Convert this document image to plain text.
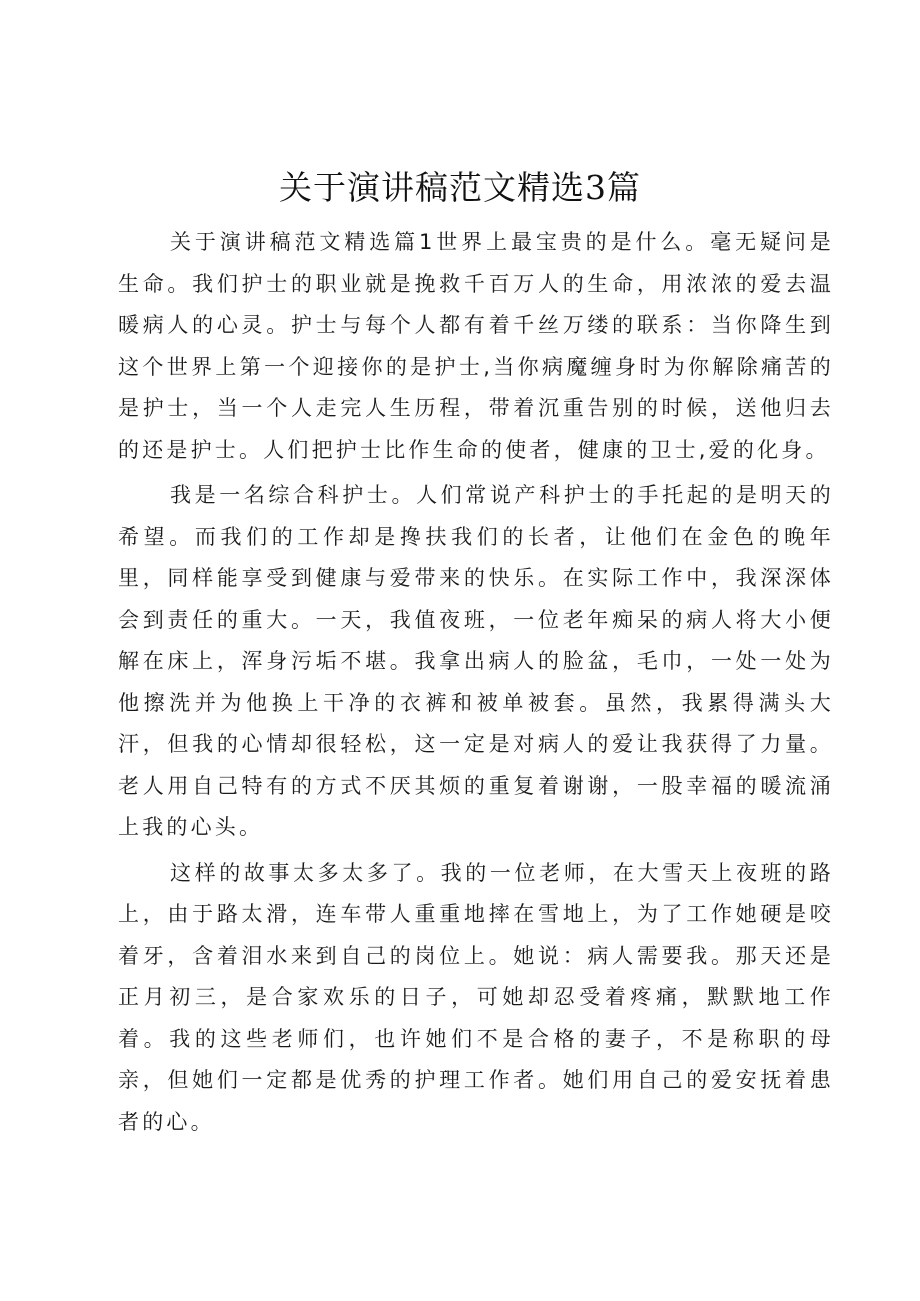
关于演讲稿范文精选3篇

关于演讲稿范文精选篇1世界上最宝贵的是什么。毫无疑问是生命。我们护士的职业就是挽救千百万人的生命，用浓浓的爱去温暖病人的心灵。护士与每个人都有着千丝万缕的联系：当你降生到这个世界上第一个迎接你的是护士,当你病魔缠身时为你解除痛苦的是护士，当一个人走完人生历程，带着沉重告别的时候，送他归去的还是护士。人们把护士比作生命的使者，健康的卫士,爱的化身。

我是一名综合科护士。人们常说产科护士的手托起的是明天的希望。而我们的工作却是搀扶我们的长者，让他们在金色的晚年里，同样能享受到健康与爱带来的快乐。在实际工作中，我深深体会到责任的重大。一天，我值夜班，一位老年痴呆的病人将大小便解在床上，浑身污垢不堪。我拿出病人的脸盆，毛巾，一处一处为他擦洗并为他换上干净的衣裤和被单被套。虽然，我累得满头大汗，但我的心情却很轻松，这一定是对病人的爱让我获得了力量。老人用自己特有的方式不厌其烦的重复着谢谢，一股幸福的暖流涌上我的心头。

这样的故事太多太多了。我的一位老师，在大雪天上夜班的路上，由于路太滑，连车带人重重地摔在雪地上，为了工作她硬是咬着牙，含着泪水来到自己的岗位上。她说：病人需要我。那天还是正月初三，是合家欢乐的日子，可她却忍受着疼痛，默默地工作着。我的这些老师们，也许她们不是合格的妻子，不是称职的母亲，但她们一定都是优秀的护理工作者。她们用自己的爱安抚着患者的心。
